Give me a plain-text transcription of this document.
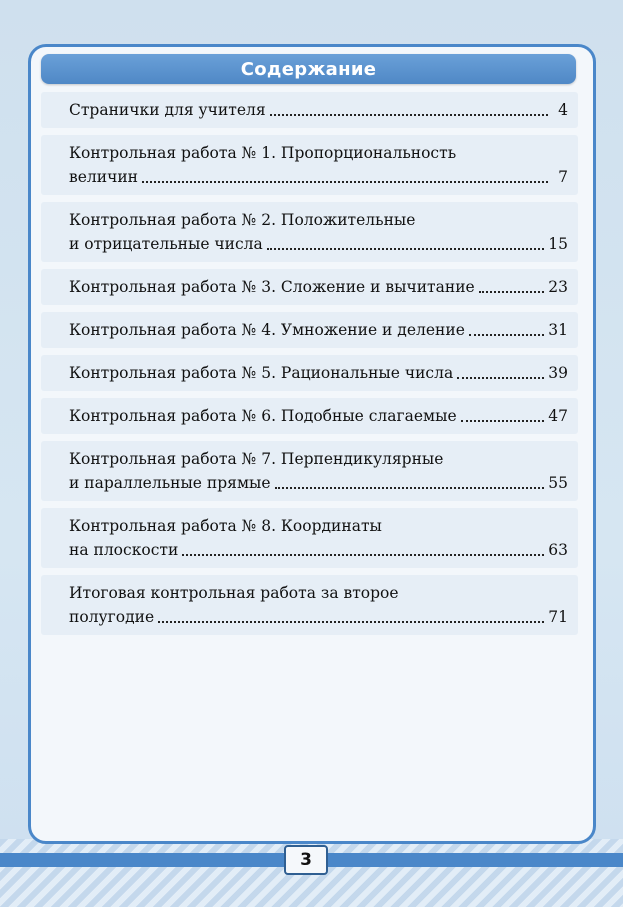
Содержание
Странички для учителя	4
Контрольная работа № 1. Пропорциональность
величин	7
Контрольная работа № 2. Положительные
и отрицательные числа	15
Контрольная работа № 3. Сложение и вычитание	23
Контрольная работа № 4. Умножение и деление	31
Контрольная работа № 5. Рациональные числа	39
Контрольная работа № 6. Подобные слагаемые	47
Контрольная работа № 7. Перпендикулярные
и параллельные прямые	55
Контрольная работа № 8. Координаты
на плоскости	63
Итоговая контрольная работа за второе
полугодие	71
3
